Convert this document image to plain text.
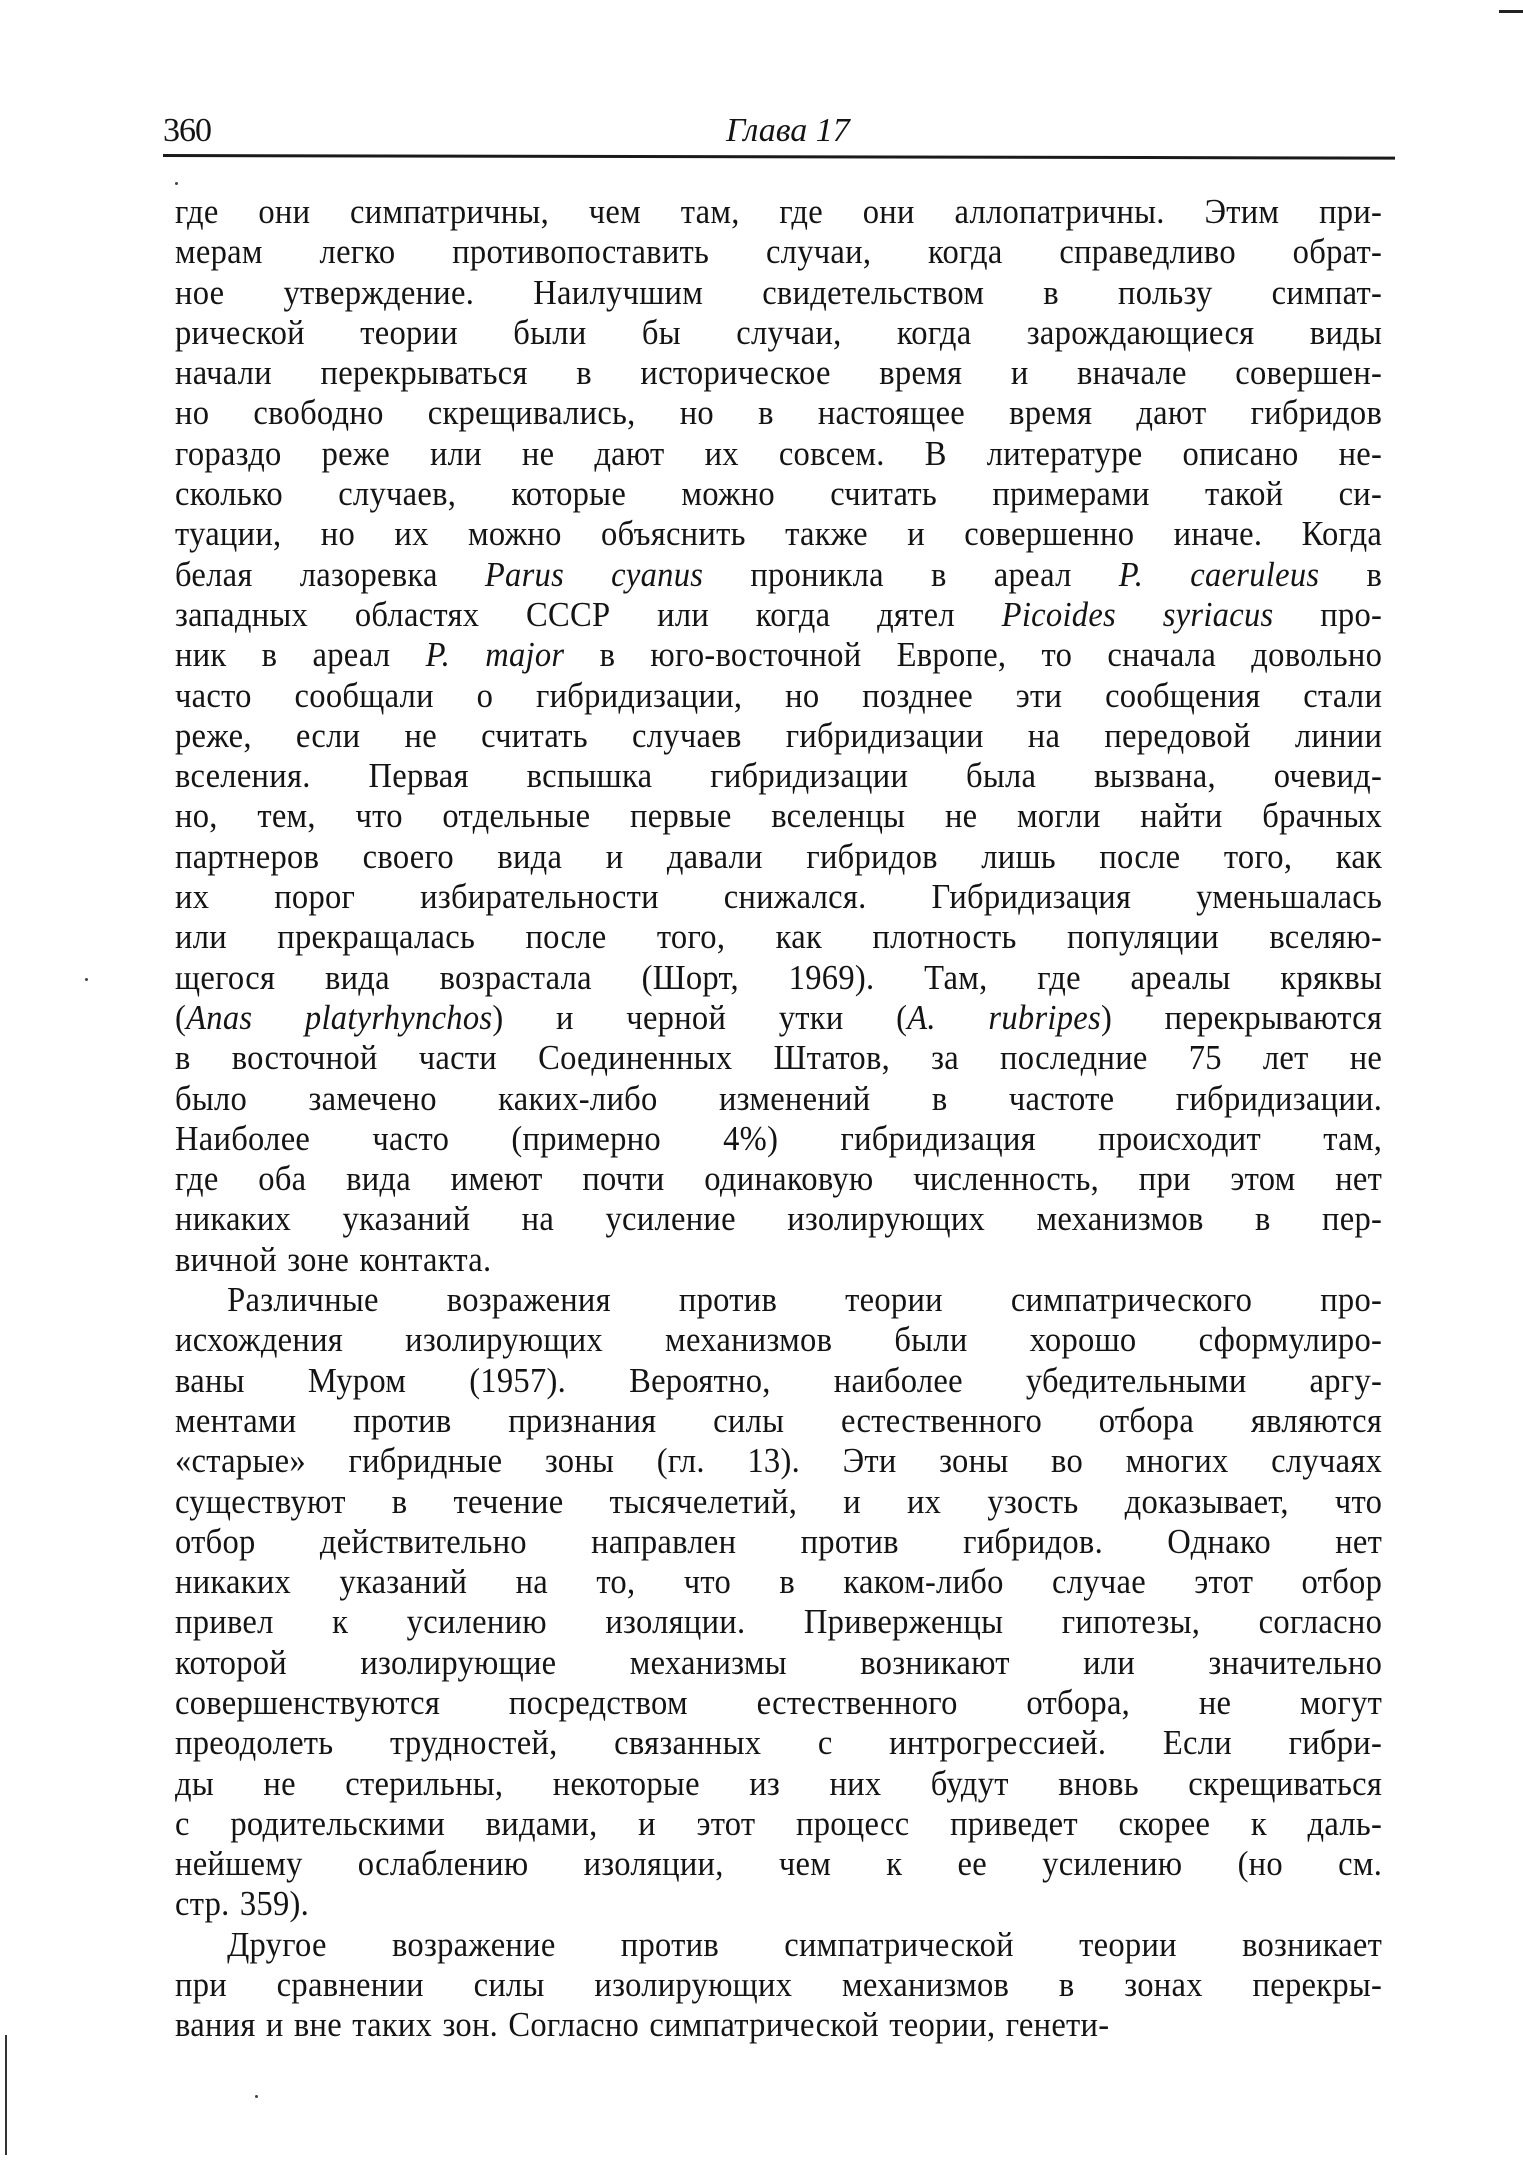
360	Глава 17
где они симпатричны, чем там, где они аллопатричны. Этим при-
мерам легко противопоставить случаи, когда справедливо обрат-
ное утверждение. Наилучшим свидетельством в пользу симпат-
рической теории были бы случаи, когда зарождающиеся виды
начали перекрываться в историческое время и вначале совершен-
но свободно скрещивались, но в настоящее время дают гибридов
гораздо реже или не дают их совсем. В литературе описано не-
сколько случаев, которые можно считать примерами такой си-
туации, но их можно объяснить также и совершенно иначе. Когда
белая лазоревка Parus cyanus проникла в ареал P. caeruleus в
западных областях СССР или когда дятел Picoides syriacus про-
ник в ареал P. major в юго-восточной Европе, то сначала довольно
часто сообщали о гибридизации, но позднее эти сообщения стали
реже, если не считать случаев гибридизации на передовой линии
вселения. Первая вспышка гибридизации была вызвана, очевид-
но, тем, что отдельные первые вселенцы не могли найти брачных
партнеров своего вида и давали гибридов лишь после того, как
их порог избирательности снижался. Гибридизация уменьшалась
или прекращалась после того, как плотность популяции вселяю-
щегося вида возрастала (Шорт, 1969). Там, где ареалы кряквы
(Anas platyrhynchos) и черной утки (A. rubripes) перекрываются
в восточной части Соединенных Штатов, за последние 75 лет не
было замечено каких-либо изменений в частоте гибридизации.
Наиболее часто (примерно 4%) гибридизация происходит там,
где оба вида имеют почти одинаковую численность, при этом нет
никаких указаний на усиление изолирующих механизмов в пер-
вичной зоне контакта.
Различные возражения против теории симпатрического про-
исхождения изолирующих механизмов были хорошо сформулиро-
ваны Муром (1957). Вероятно, наиболее убедительными аргу-
ментами против признания силы естественного отбора являются
«старые» гибридные зоны (гл. 13). Эти зоны во многих случаях
существуют в течение тысячелетий, и их узость доказывает, что
отбор действительно направлен против гибридов. Однако нет
никаких указаний на то, что в каком-либо случае этот отбор
привел к усилению изоляции. Приверженцы гипотезы, согласно
которой изолирующие механизмы возникают или значительно
совершенствуются посредством естественного отбора, не могут
преодолеть трудностей, связанных с интрогрессией. Если гибри-
ды не стерильны, некоторые из них будут вновь скрещиваться
с родительскими видами, и этот процесс приведет скорее к даль-
нейшему ослаблению изоляции, чем к ее усилению (но см.
стр. 359).
Другое возражение против симпатрической теории возникает
при сравнении силы изолирующих механизмов в зонах перекры-
вания и вне таких зон. Согласно симпатрической теории, генети-
